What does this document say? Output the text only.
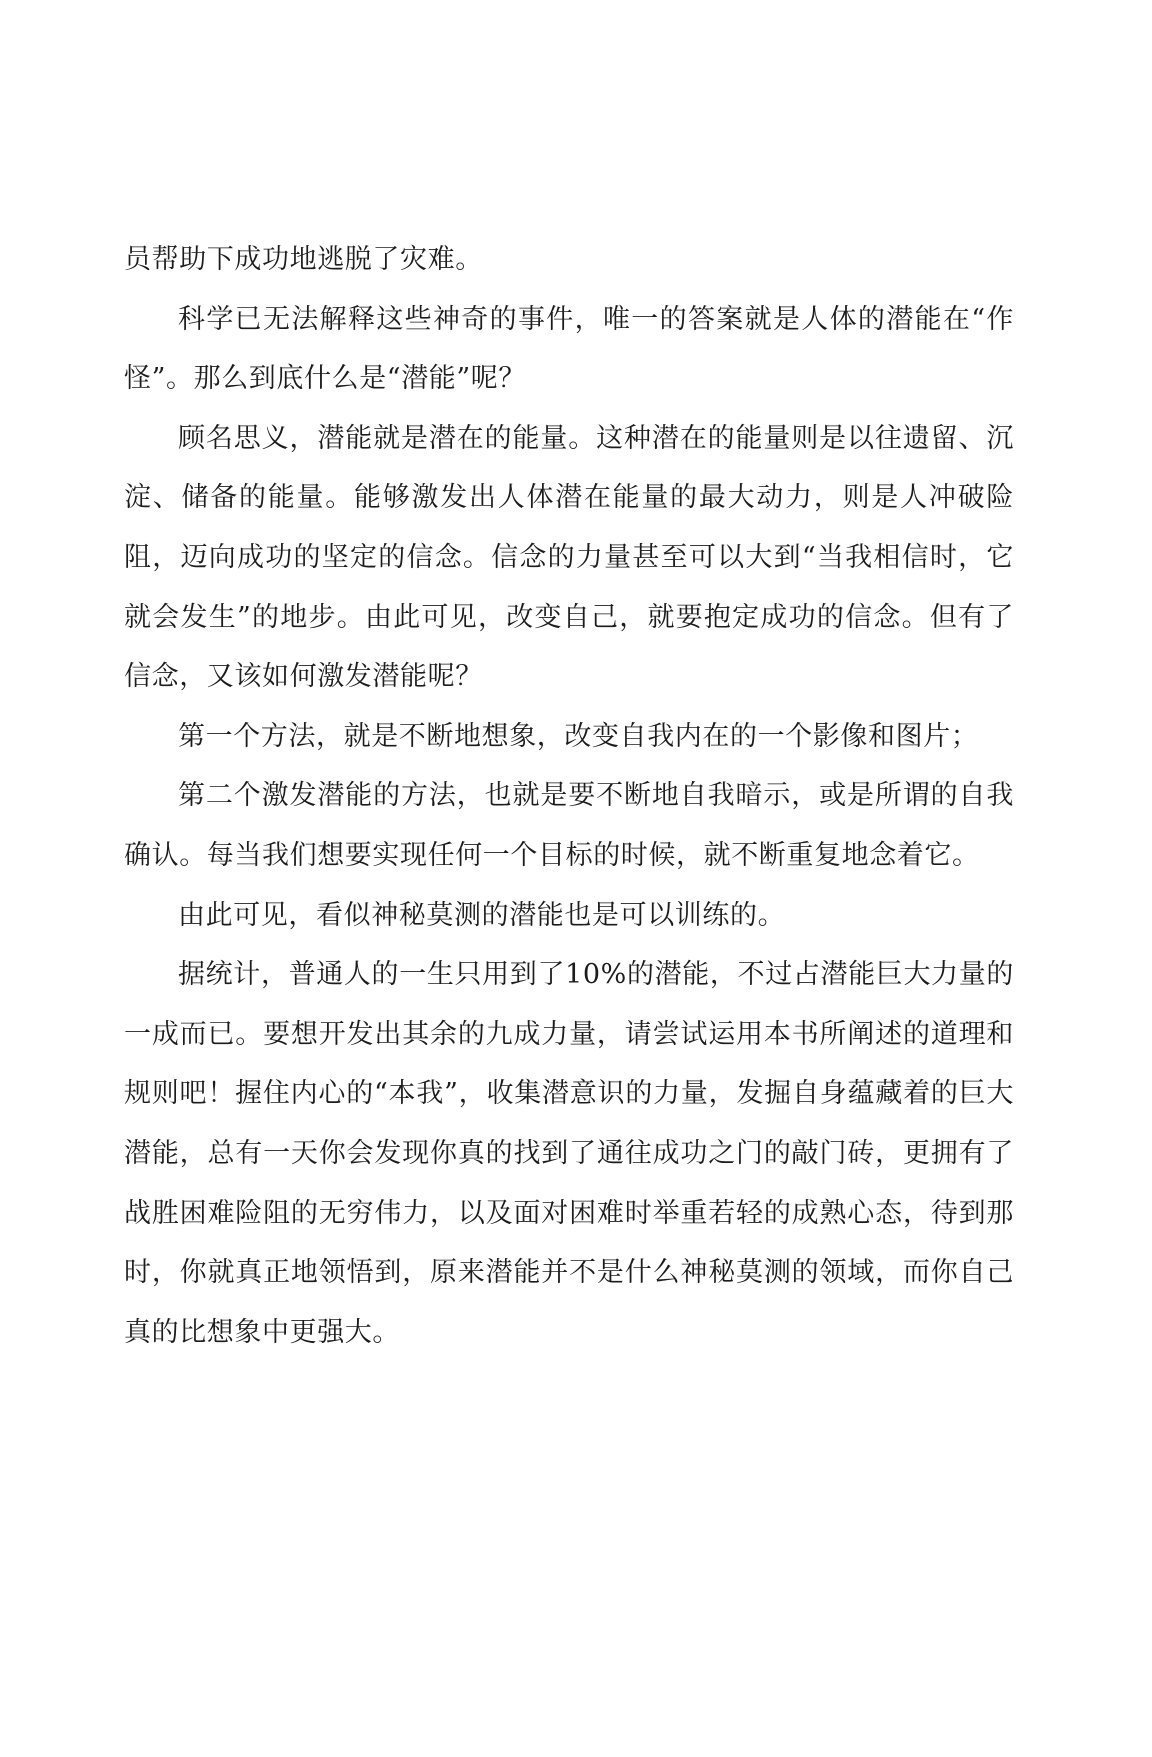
员帮助下成功地逃脱了灾难。

科学已无法解释这些神奇的事件，唯一的答案就是人体的潜能在“作怪”。那么到底什么是“潜能”呢？

顾名思义，潜能就是潜在的能量。这种潜在的能量则是以往遗留、沉淀、储备的能量。能够激发出人体潜在能量的最大动力，则是人冲破险阻，迈向成功的坚定的信念。信念的力量甚至可以大到“当我相信时，它就会发生”的地步。由此可见，改变自己，就要抱定成功的信念。但有了信念，又该如何激发潜能呢？

第一个方法，就是不断地想象，改变自我内在的一个影像和图片；

第二个激发潜能的方法，也就是要不断地自我暗示，或是所谓的自我确认。每当我们想要实现任何一个目标的时候，就不断重复地念着它。

由此可见，看似神秘莫测的潜能也是可以训练的。

据统计，普通人的一生只用到了10%的潜能，不过占潜能巨大力量的一成而已。要想开发出其余的九成力量，请尝试运用本书所阐述的道理和规则吧！握住内心的“本我”，收集潜意识的力量，发掘自身蕴藏着的巨大潜能，总有一天你会发现你真的找到了通往成功之门的敲门砖，更拥有了战胜困难险阻的无穷伟力，以及面对困难时举重若轻的成熟心态，待到那时，你就真正地领悟到，原来潜能并不是什么神秘莫测的领域，而你自己真的比想象中更强大。
